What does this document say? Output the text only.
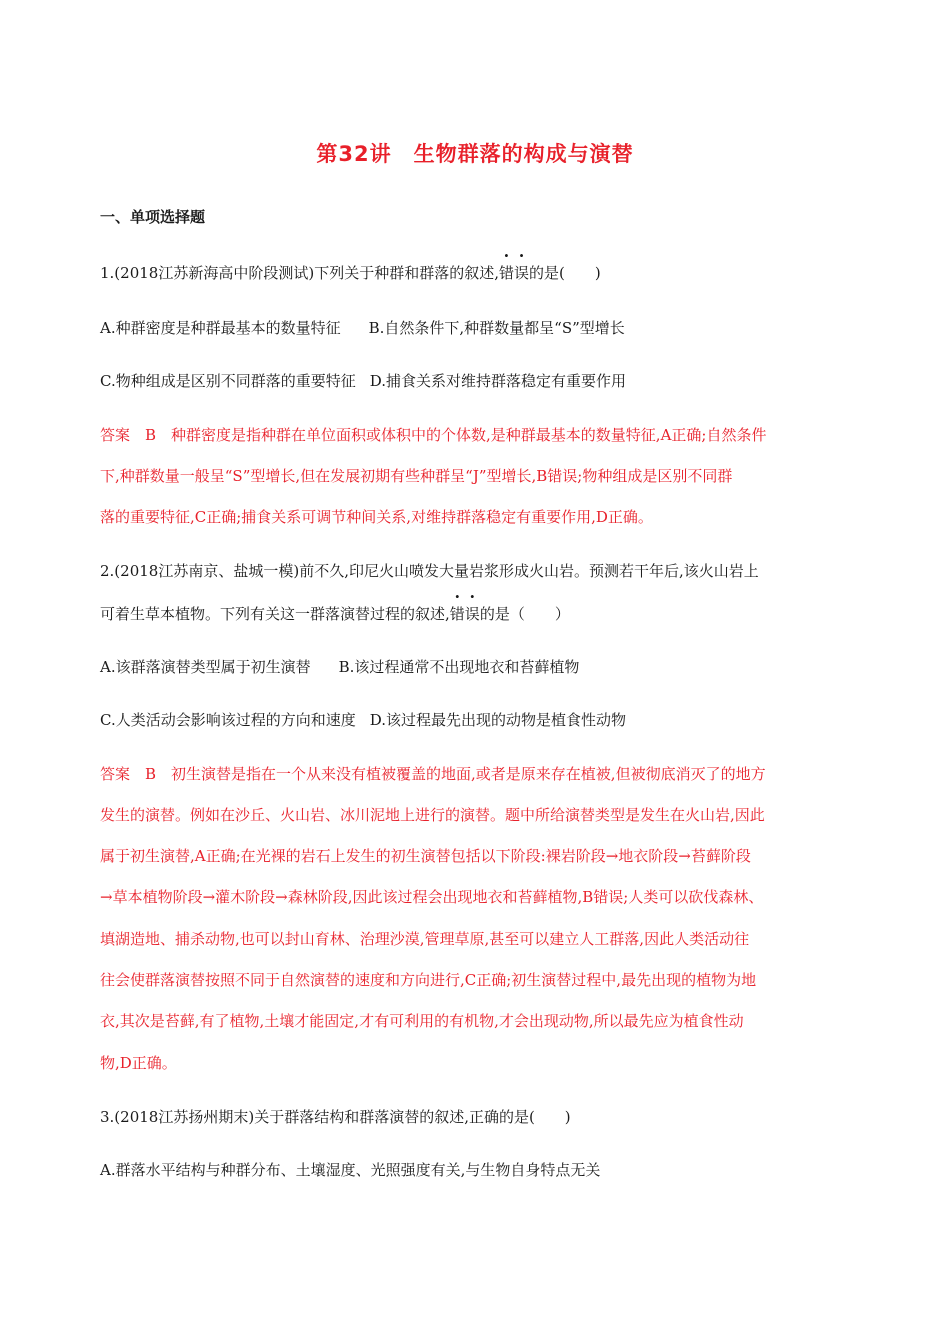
第32讲　生物群落的构成与演替
一、单项选择题
1.(2018江苏新海高中阶段测试)下列关于种群和群落的叙述,错误的是(　　)
A.种群密度是种群最基本的数量特征 B.自然条件下,种群数量都呈“S”型增长
C.物种组成是区别不同群落的重要特征 D.捕食关系对维持群落稳定有重要作用
答案　B　种群密度是指种群在单位面积或体积中的个体数,是种群最基本的数量特征,A正确;自然条件
下,种群数量一般呈“S”型增长,但在发展初期有些种群呈“J”型增长,B错误;物种组成是区别不同群
落的重要特征,C正确;捕食关系可调节种间关系,对维持群落稳定有重要作用,D正确。
2.(2018江苏南京、盐城一模)前不久,印尼火山喷发大量岩浆形成火山岩。预测若干年后,该火山岩上
可着生草本植物。下列有关这一群落演替过程的叙述,错误的是（　　）
A.该群落演替类型属于初生演替 B.该过程通常不出现地衣和苔藓植物
C.人类活动会影响该过程的方向和速度 D.该过程最先出现的动物是植食性动物
答案　B　初生演替是指在一个从来没有植被覆盖的地面,或者是原来存在植被,但被彻底消灭了的地方
发生的演替。例如在沙丘、火山岩、冰川泥地上进行的演替。题中所给演替类型是发生在火山岩,因此
属于初生演替,A正确;在光裸的岩石上发生的初生演替包括以下阶段:裸岩阶段→地衣阶段→苔藓阶段
→草本植物阶段→灌木阶段→森林阶段,因此该过程会出现地衣和苔藓植物,B错误;人类可以砍伐森林、
填湖造地、捕杀动物,也可以封山育林、治理沙漠,管理草原,甚至可以建立人工群落,因此人类活动往
往会使群落演替按照不同于自然演替的速度和方向进行,C正确;初生演替过程中,最先出现的植物为地
衣,其次是苔藓,有了植物,土壤才能固定,才有可利用的有机物,才会出现动物,所以最先应为植食性动
物,D正确。
3.(2018江苏扬州期末)关于群落结构和群落演替的叙述,正确的是(　　)
A.群落水平结构与种群分布、土壤湿度、光照强度有关,与生物自身特点无关
